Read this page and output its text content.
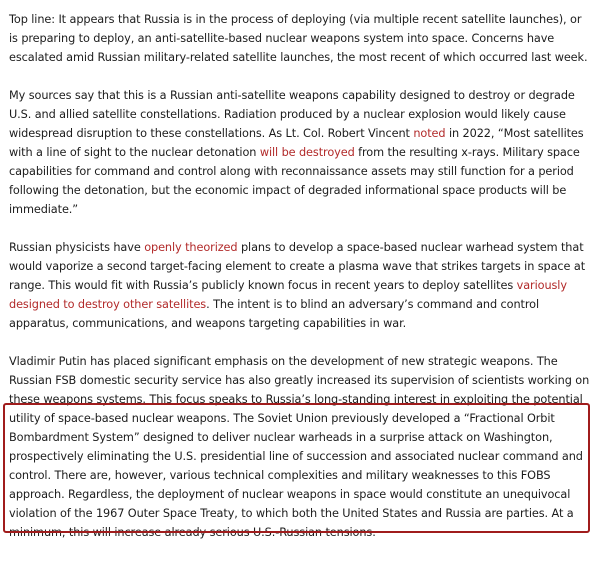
Top line: It appears that Russia is in the process of deploying (via multiple recent satellite launches), or is preparing to deploy, an anti-satellite-based nuclear weapons system into space. Concerns have escalated amid Russian military-related satellite launches, the most recent of which occurred last week.

My sources say that this is a Russian anti-satellite weapons capability designed to destroy or degrade U.S. and allied satellite constellations. Radiation produced by a nuclear explosion would likely cause widespread disruption to these constellations. As Lt. Col. Robert Vincent noted in 2022, “Most satellites with a line of sight to the nuclear detonation will be destroyed from the resulting x-rays. Military space capabilities for command and control along with reconnaissance assets may still function for a period following the detonation, but the economic impact of degraded informational space products will be immediate.”

Russian physicists have openly theorized plans to develop a space-based nuclear warhead system that would vaporize a second target-facing element to create a plasma wave that strikes targets in space at range. This would fit with Russia’s publicly known focus in recent years to deploy satellites variously designed to destroy other satellites. The intent is to blind an adversary’s command and control apparatus, communications, and weapons targeting capabilities in war.

Vladimir Putin has placed significant emphasis on the development of new strategic weapons. The Russian FSB domestic security service has also greatly increased its supervision of scientists working on these weapons systems. This focus speaks to Russia’s long-standing interest in exploiting the potential utility of space-based nuclear weapons. The Soviet Union previously developed a “Fractional Orbit Bombardment System” designed to deliver nuclear warheads in a surprise attack on Washington, prospectively eliminating the U.S. presidential line of succession and associated nuclear command and control. There are, however, various technical complexities and military weaknesses to this FOBS approach. Regardless, the deployment of nuclear weapons in space would constitute an unequivocal violation of the 1967 Outer Space Treaty, to which both the United States and Russia are parties. At a minimum, this will increase already serious U.S.-Russian tensions.
